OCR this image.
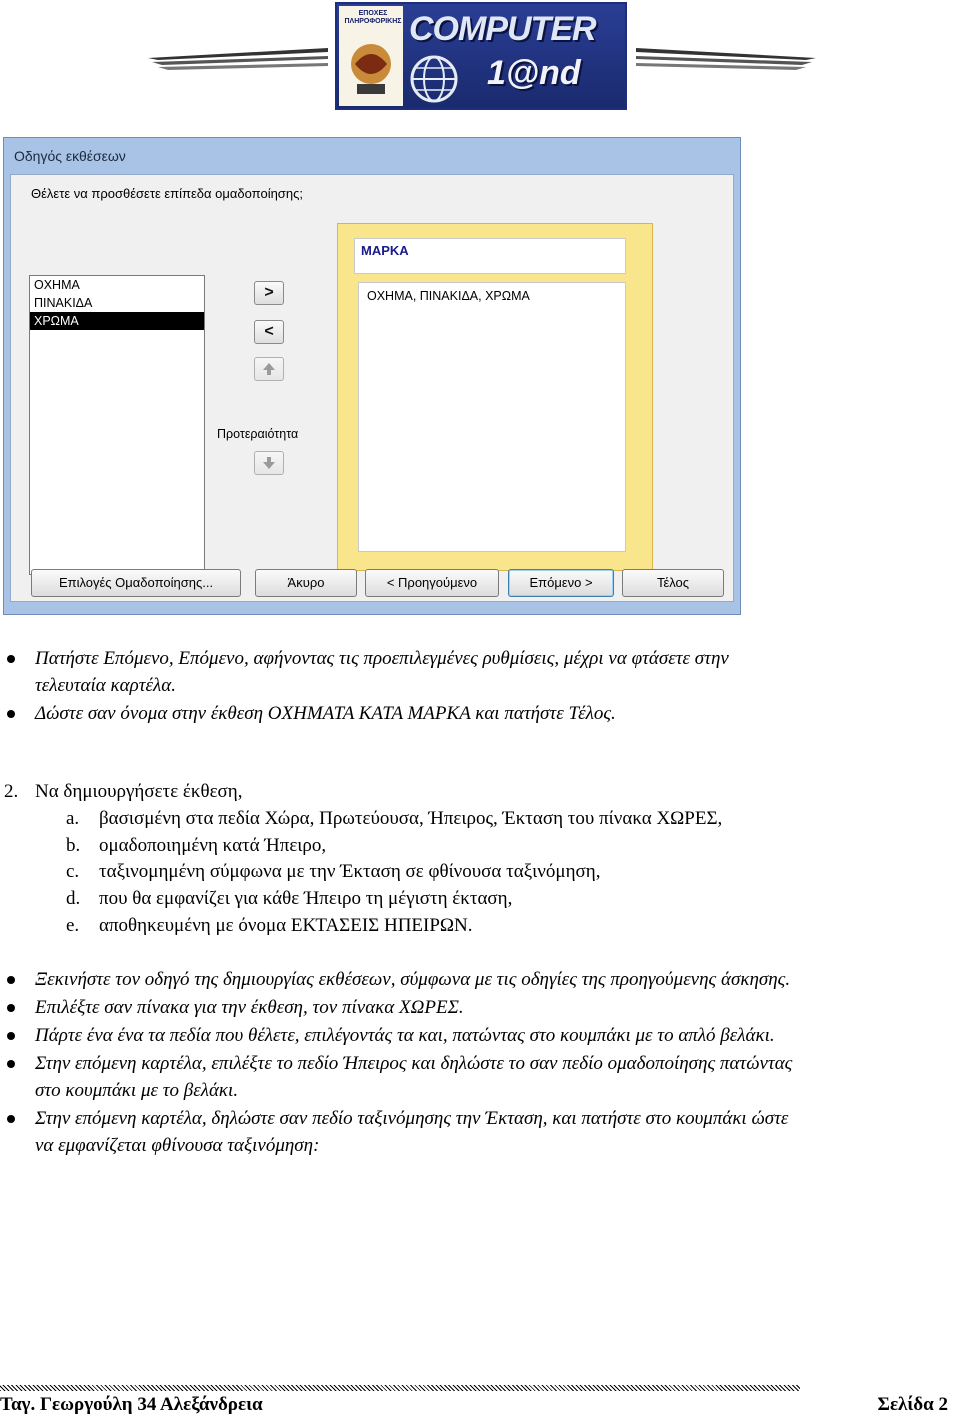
ΕΠΟΧΕΣ ΠΛΗΡΟΦΟΡΙΚΗΣ COMPUTER
1@nd
Οδηγός εκθέσεων
Θέλετε να προσθέσετε επίπεδα ομαδοποίησης;
ΟΧΗΜΑ
ΠΙΝΑΚΙΔΑ
ΧΡΩΜΑ
>
<
Προτεραιότητα
ΜΑΡΚΑ
ΟΧΗΜΑ, ΠΙΝΑΚΙΔΑ, ΧΡΩΜΑ
Επιλογές Ομαδοποίησης...	Άκυρο	< Προηγούμενο	Επόμενο >	Τέλος
Πατήστε Επόμενο, Επόμενο, αφήνοντας τις προεπιλεγμένες ρυθμίσεις, μέχρι να φτάσετε στην
τελευταία καρτέλα.
Δώστε σαν όνομα στην έκθεση ΟΧΗΜΑΤΑ ΚΑΤΑ ΜΑΡΚΑ και πατήστε Τέλος.
2. Να δημιουργήσετε έκθεση,
a. βασισμένη στα πεδία Χώρα, Πρωτεύουσα, Ήπειρος, Έκταση του πίνακα ΧΩΡΕΣ,
b. ομαδοποιημένη κατά Ήπειρο,
c. ταξινομημένη σύμφωνα με την Έκταση σε φθίνουσα ταξινόμηση,
d. που θα εμφανίζει για κάθε Ήπειρο τη μέγιστη έκταση,
e. αποθηκευμένη με όνομα ΕΚΤΑΣΕΙΣ ΗΠΕΙΡΩΝ.
Ξεκινήστε τον οδηγό της δημιουργίας εκθέσεων, σύμφωνα με τις οδηγίες της προηγούμενης άσκησης.
Επιλέξτε σαν πίνακα για την έκθεση, τον πίνακα ΧΩΡΕΣ.
Πάρτε ένα ένα τα πεδία που θέλετε, επιλέγοντάς τα και, πατώντας στο κουμπάκι με το απλό βελάκι.
Στην επόμενη καρτέλα, επιλέξτε το πεδίο Ήπειρος και δηλώστε το σαν πεδίο ομαδοποίησης πατώντας
στο κουμπάκι με το βελάκι.
Στην επόμενη καρτέλα, δηλώστε σαν πεδίο ταξινόμησης την Έκταση, και πατήστε στο κουμπάκι ώστε
να εμφανίζεται φθίνουσα ταξινόμηση:
Ταγ. Γεωργούλη 34 Αλεξάνδρεια	Σελίδα 2
